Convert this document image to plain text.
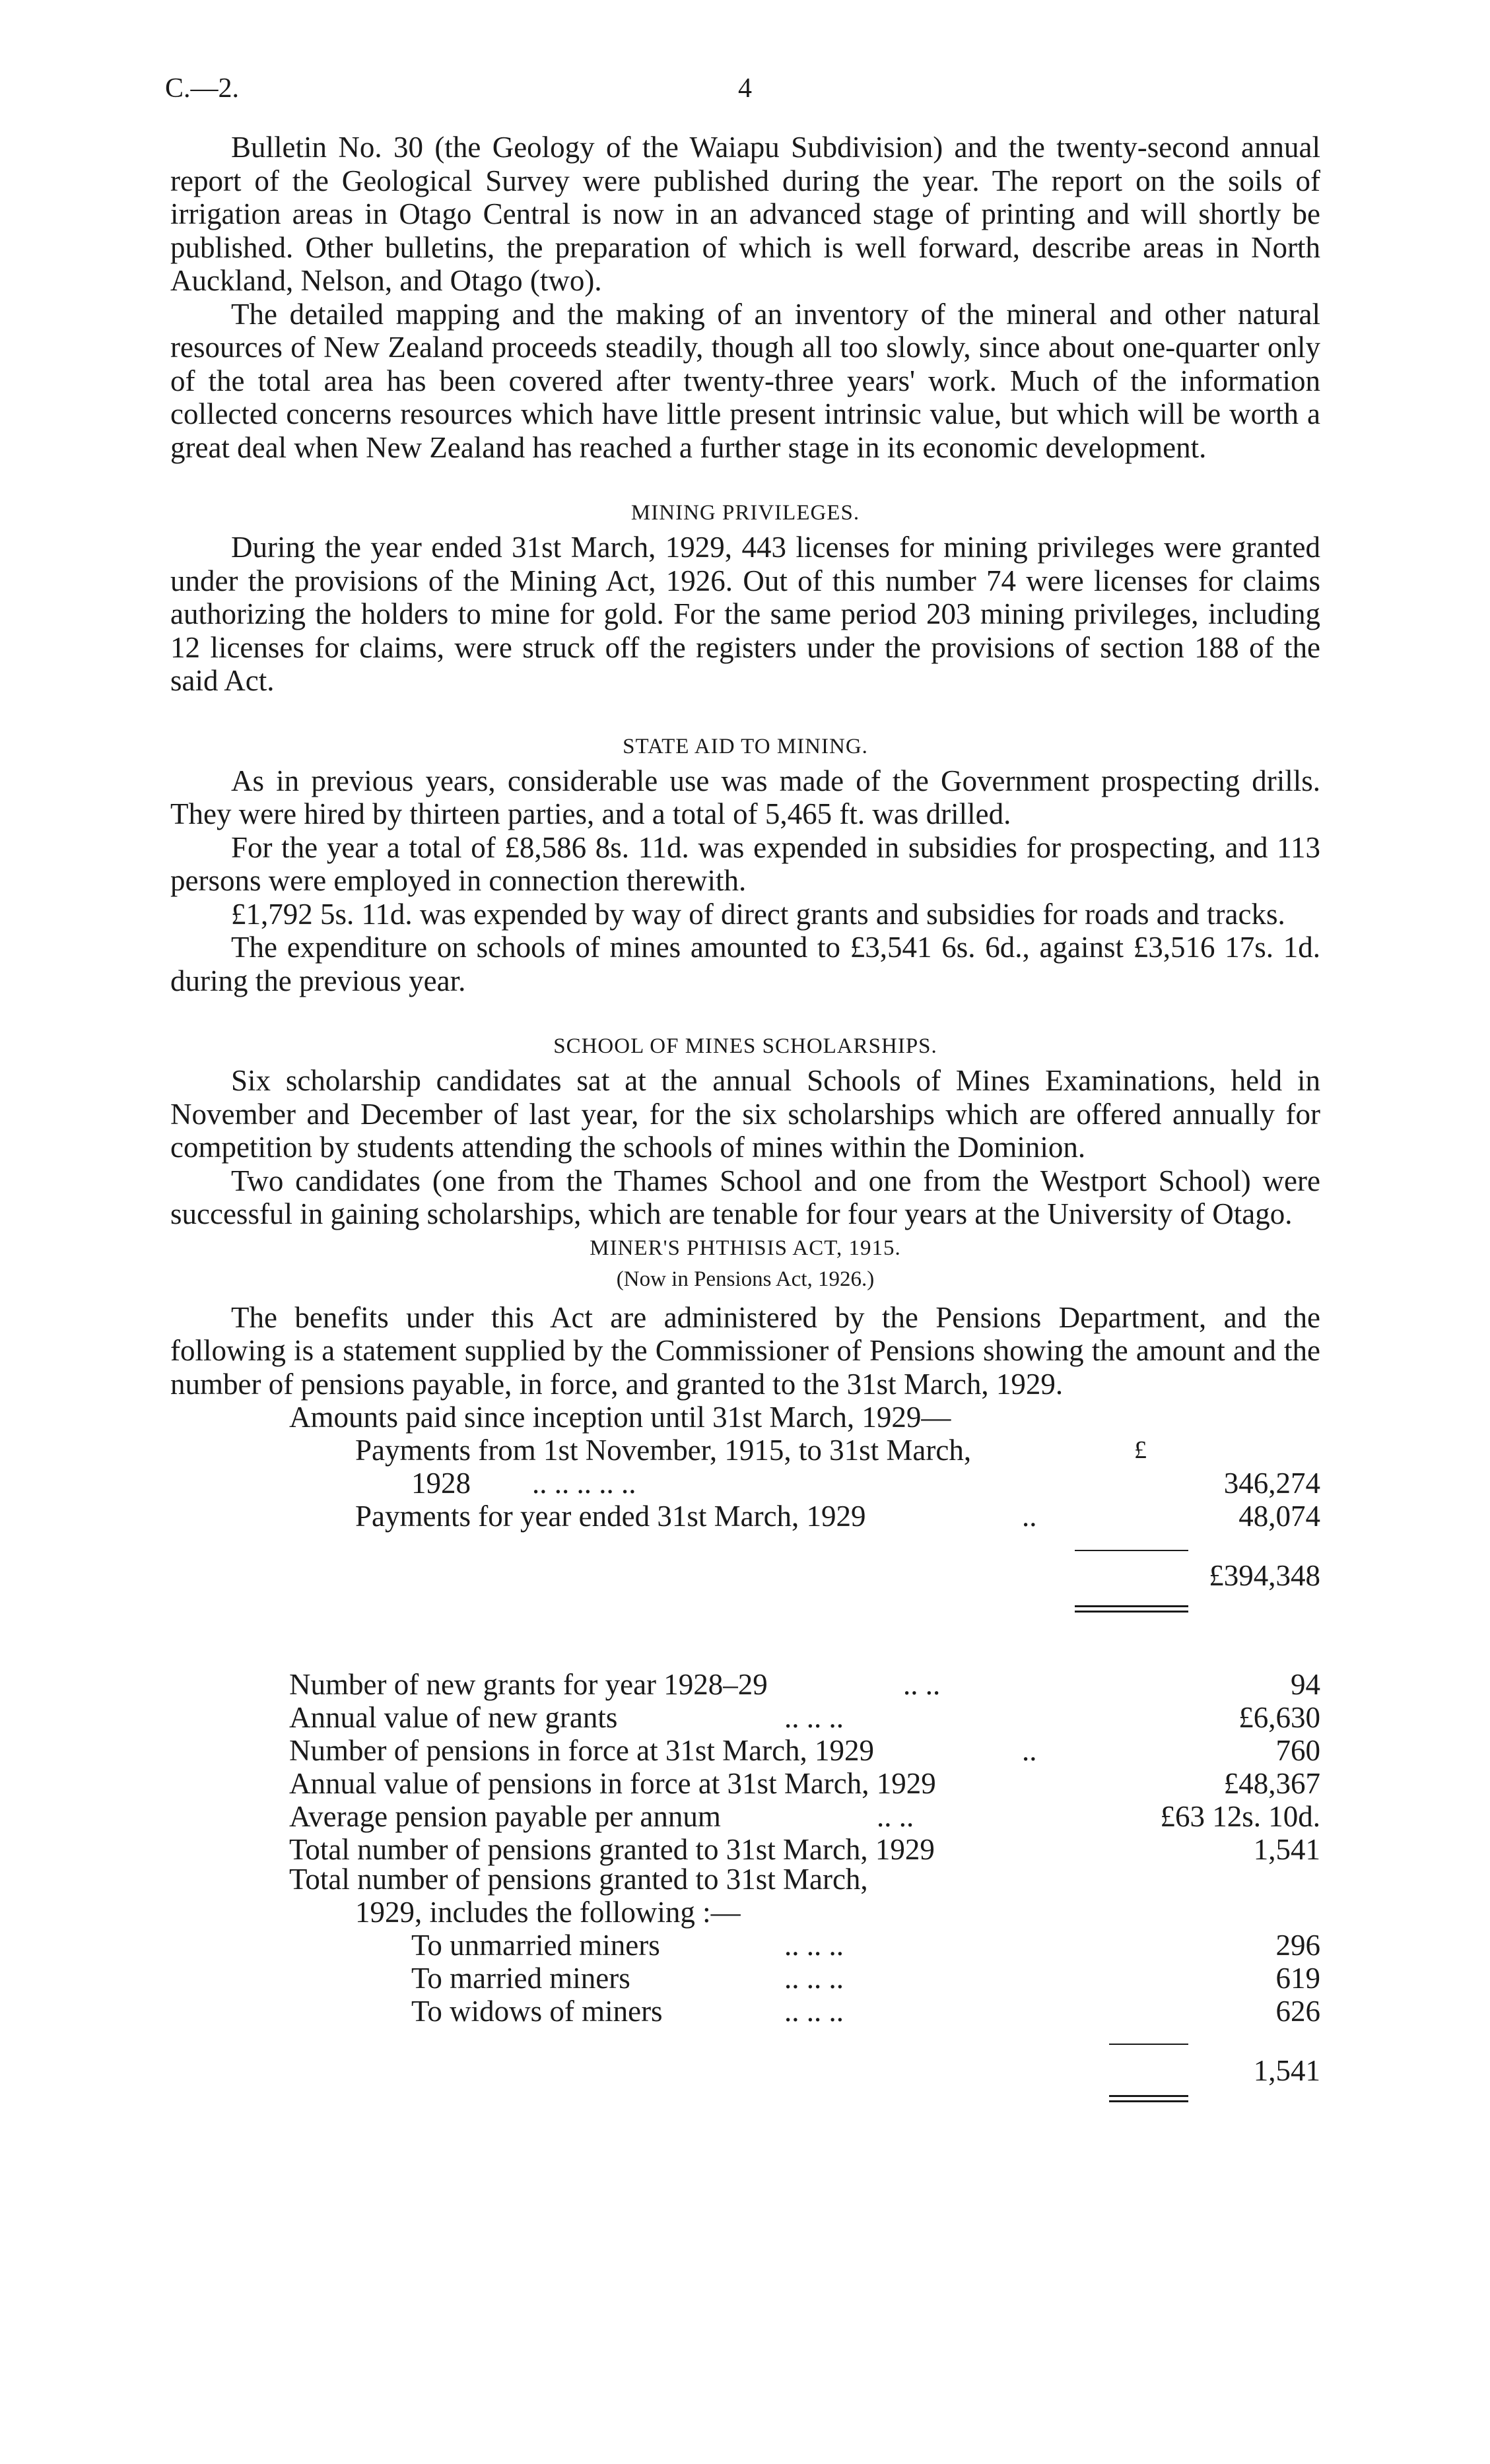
C.—2.	4

Bulletin No. 30 (the Geology of the Waiapu Subdivision) and the twenty-second annual report of the Geological Survey were published during the year. The report on the soils of irrigation areas in Otago Central is now in an advanced stage of printing and will shortly be published. Other bulletins, the preparation of which is well forward, describe areas in North Auckland, Nelson, and Otago (two).

The detailed mapping and the making of an inventory of the mineral and other natural resources of New Zealand proceeds steadily, though all too slowly, since about one-quarter only of the total area has been covered after twenty-three years' work. Much of the information collected concerns resources which have little present intrinsic value, but which will be worth a great deal when New Zealand has reached a further stage in its economic development.

MINING PRIVILEGES.

During the year ended 31st March, 1929, 443 licenses for mining privileges were granted under the provisions of the Mining Act, 1926. Out of this number 74 were licenses for claims authorizing the holders to mine for gold. For the same period 203 mining privileges, including 12 licenses for claims, were struck off the registers under the provisions of section 188 of the said Act.

STATE AID TO MINING.

As in previous years, considerable use was made of the Government prospecting drills. They were hired by thirteen parties, and a total of 5,465 ft. was drilled.

For the year a total of £8,586 8s. 11d. was expended in subsidies for prospecting, and 113 persons were employed in connection therewith.

£1,792 5s. 11d. was expended by way of direct grants and subsidies for roads and tracks.

The expenditure on schools of mines amounted to £3,541 6s. 6d., against £3,516 17s. 1d. during the previous year.

SCHOOL OF MINES SCHOLARSHIPS.

Six scholarship candidates sat at the annual Schools of Mines Examinations, held in November and December of last year, for the six scholarships which are offered annually for competition by students attending the schools of mines within the Dominion.

Two candidates (one from the Thames School and one from the Westport School) were successful in gaining scholarships, which are tenable for four years at the University of Otago.

MINER'S PHTHISIS ACT, 1915.

(Now in Pensions Act, 1926.)

The benefits under this Act are administered by the Pensions Department, and the following is a statement supplied by the Commissioner of Pensions showing the amount and the number of pensions payable, in force, and granted to the 31st March, 1929.

Amounts paid since inception until 31st March, 1929—
Payments from 1st November, 1915, to 31st March,	£
1928 .. .. .. .. ..	346,274
Payments for year ended 31st March, 1929	..	48,074
£394,348
Number of new grants for year 1928–29	.. ..	94
Annual value of new grants	.. .. ..	£6,630
Number of pensions in force at 31st March, 1929	..	760
Annual value of pensions in force at 31st March, 1929	£48,367
Average pension payable per annum	.. ..	£63 12s. 10d.
Total number of pensions granted to 31st March, 1929	1,541
Total number of pensions granted to 31st March,
1929, includes the following :—
To unmarried miners	.. .. ..	296
To married miners	.. .. ..	619
To widows of miners	.. .. ..	626
1,541
